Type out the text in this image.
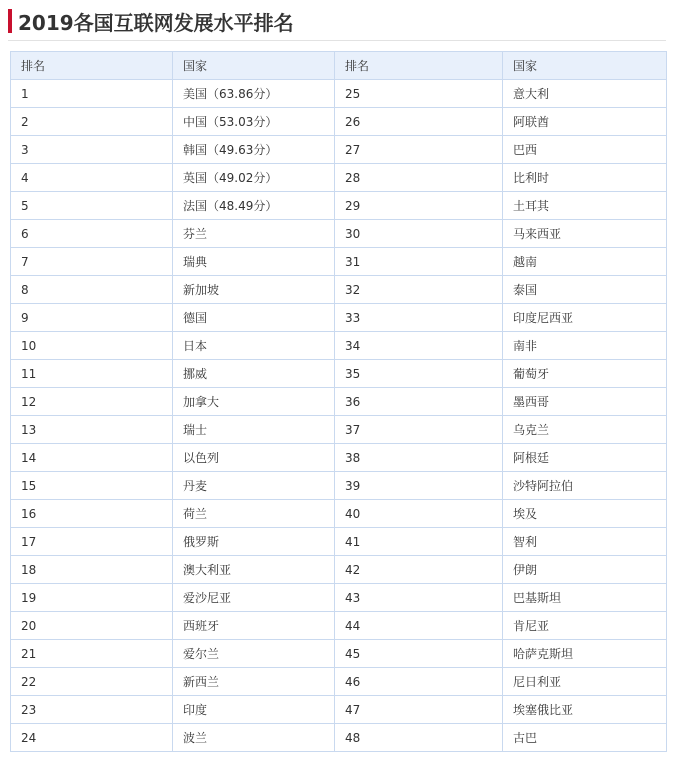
2019各国互联网发展水平排名
排名	国家	排名	国家
1	美国（63.86分）	25	意大利
2	中国（53.03分）	26	阿联酋
3	韩国（49.63分）	27	巴西
4	英国（49.02分）	28	比利时
5	法国（48.49分）	29	土耳其
6	芬兰	30	马来西亚
7	瑞典	31	越南
8	新加坡	32	泰国
9	德国	33	印度尼西亚
10	日本	34	南非
11	挪威	35	葡萄牙
12	加拿大	36	墨西哥
13	瑞士	37	乌克兰
14	以色列	38	阿根廷
15	丹麦	39	沙特阿拉伯
16	荷兰	40	埃及
17	俄罗斯	41	智利
18	澳大利亚	42	伊朗
19	爱沙尼亚	43	巴基斯坦
20	西班牙	44	肯尼亚
21	爱尔兰	45	哈萨克斯坦
22	新西兰	46	尼日利亚
23	印度	47	埃塞俄比亚
24	波兰	48	古巴
